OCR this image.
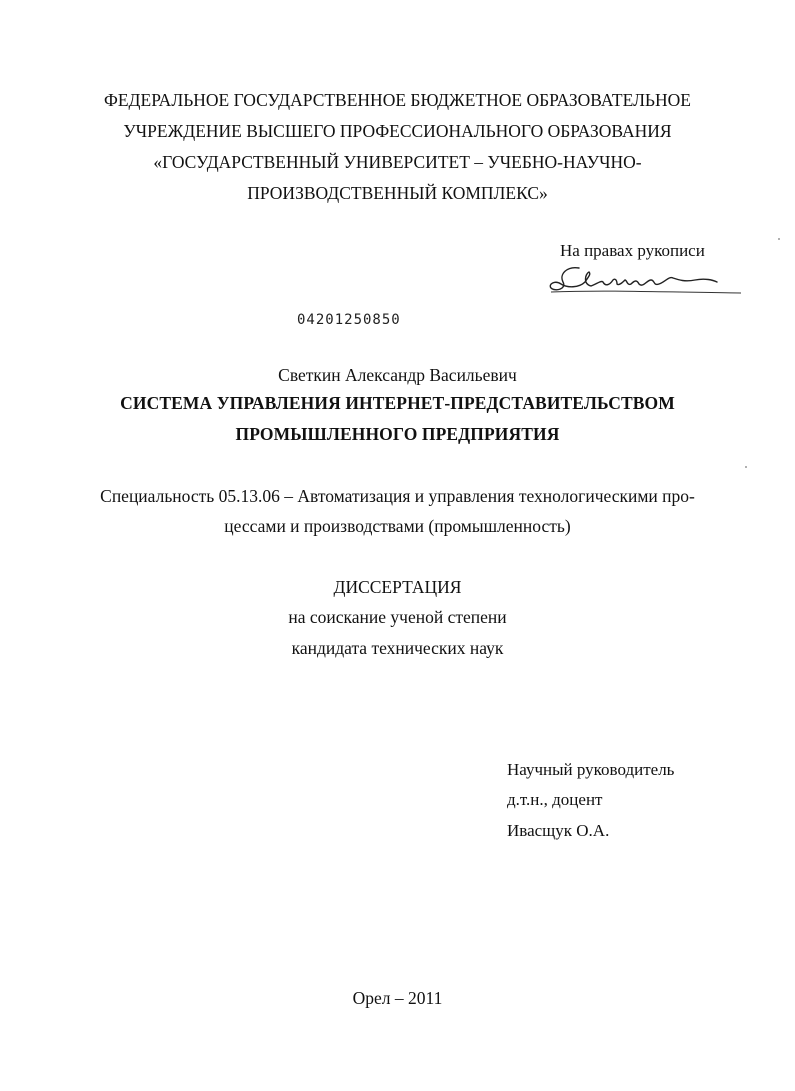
ФЕДЕРАЛЬНОЕ ГОСУДАРСТВЕННОЕ БЮДЖЕТНОЕ ОБРАЗОВАТЕЛЬНОЕ
УЧРЕЖДЕНИЕ ВЫСШЕГО ПРОФЕССИОНАЛЬНОГО ОБРАЗОВАНИЯ
«ГОСУДАРСТВЕННЫЙ УНИВЕРСИТЕТ – УЧЕБНО-НАУЧНО-
ПРОИЗВОДСТВЕННЫЙ КОМПЛЕКС»
На правах рукописи
04201250850
Светкин Александр Васильевич
СИСТЕМА УПРАВЛЕНИЯ ИНТЕРНЕТ-ПРЕДСТАВИТЕЛЬСТВОМ
ПРОМЫШЛЕННОГО ПРЕДПРИЯТИЯ
Специальность 05.13.06 – Автоматизация и управления технологическими про-
цессами и производствами (промышленность)
ДИССЕРТАЦИЯ
на соискание ученой степени
кандидата технических наук
Научный руководитель
д.т.н., доцент
Ивасщук О.А.
Орел – 2011
